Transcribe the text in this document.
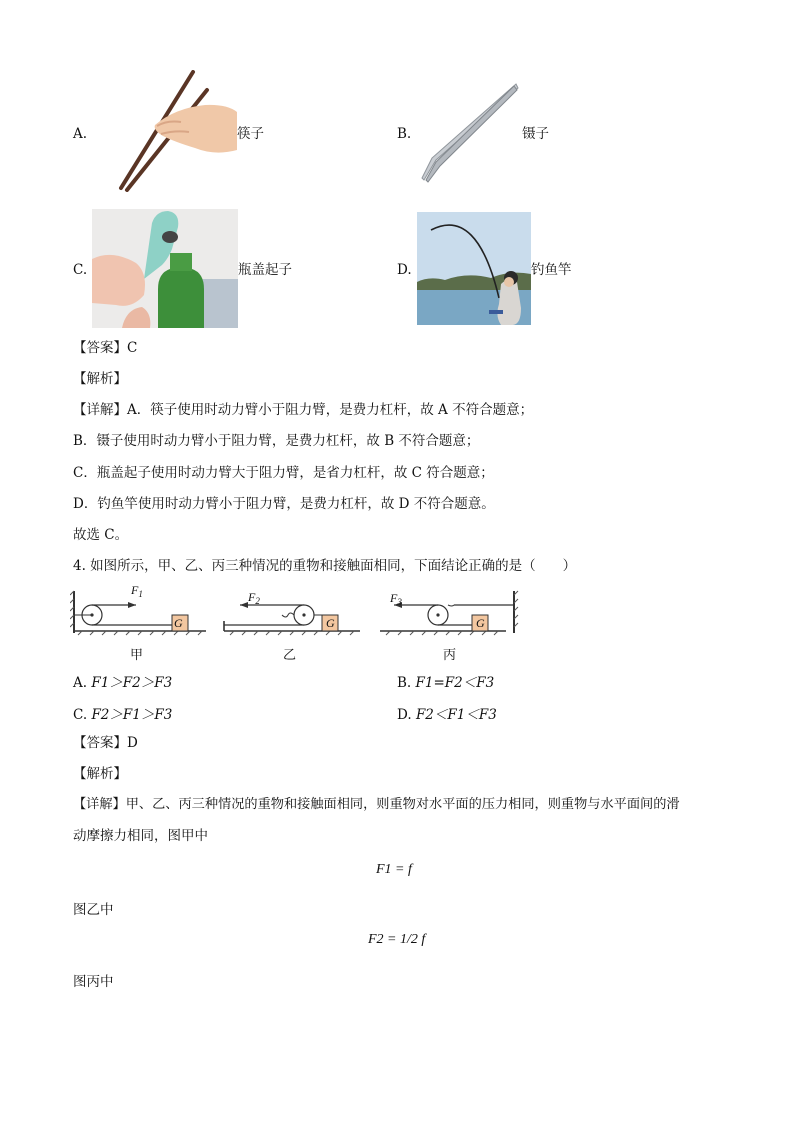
A.	筷子	B.	镊子
C.	瓶盖起子	D.	钓鱼竿
【答案】C
【解析】
【详解】A．筷子使用时动力臂小于阻力臂，是费力杠杆，故 A 不符合题意；
B．镊子使用时动力臂小于阻力臂，是费力杠杆，故 B 不符合题意；
C．瓶盖起子使用时动力臂大于阻力臂，是省力杠杆，故 C 符合题意；
D．钓鱼竿使用时动力臂小于阻力臂，是费力杠杆，故 D 不符合题意。
故选 C。
4. 如图所示，甲、乙、丙三种情况的重物和接触面相同，下面结论正确的是（　　）
$F_1$
G
甲
$F_2$
G
乙
$F_3$
G
丙
A. F1＞F2＞F3	B. F1=F2＜F3
C. F2＞F1＞F3	D. F2＜F1＜F3
【答案】D
【解析】
【详解】甲、乙、丙三种情况的重物和接触面相同，则重物对水平面的压力相同，则重物与水平面间的滑
动摩擦力相同，图甲中
F1 = f
图乙中
F2 = 1/2 f
图丙中
